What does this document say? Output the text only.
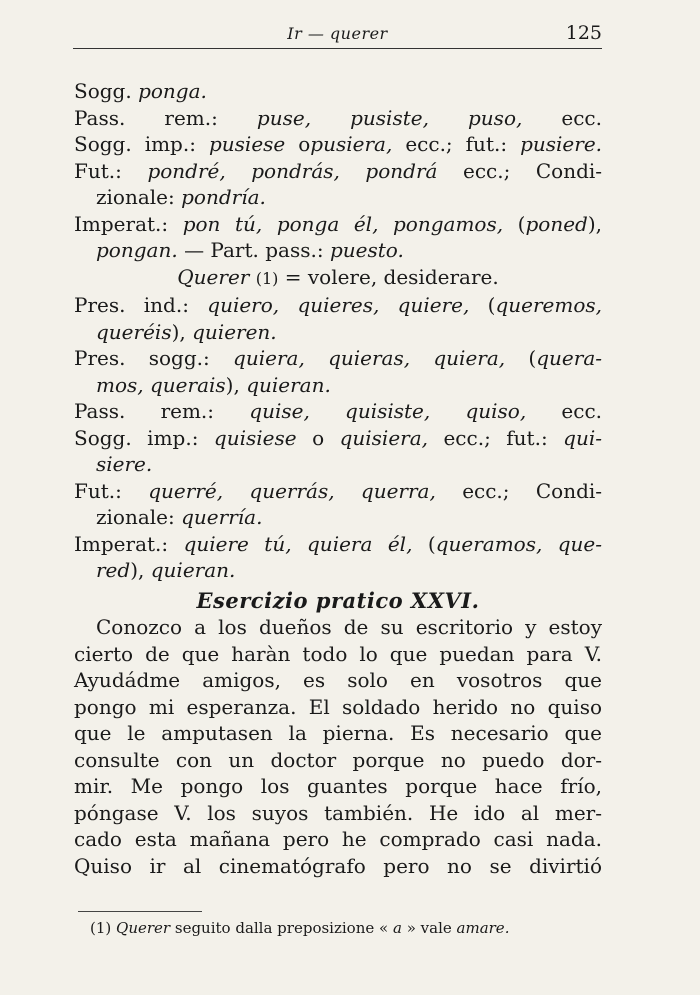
Ir — querer	125
Sogg. ponga.
Pass. rem.: puse, pusiste, puso, ecc.
Sogg. imp.: pusiese opusiera, ecc.; fut.: pusiere.
Fut.: pondré, pondrás, pondrá ecc.; Condi-
zionale: pondría.
Imperat.: pon tú, ponga él, pongamos, (poned),
pongan. — Part. pass.: puesto.
Querer (1) = volere, desiderare.
Pres. ind.: quiero, quieres, quiere, (queremos,
queréis), quieren.
Pres. sogg.: quiera, quieras, quiera, (quera-
mos, querais), quieran.
Pass. rem.: quise, quisiste, quiso, ecc.
Sogg. imp.: quisiese o quisiera, ecc.; fut.: qui-
siere.
Fut.: querré, querrás, querra, ecc.; Condi-
zionale: querría.
Imperat.: quiere tú, quiera él, (queramos, que-
red), quieran.
Esercizio pratico XXVI.
Conozco a los dueños de su escritorio y estoy
cierto de que haràn todo lo que puedan para V.
Ayudádme amigos, es solo en vosotros que
pongo mi esperanza. El soldado herido no quiso
que le amputasen la pierna. Es necesario que
consulte con un doctor porque no puedo dor-
mir. Me pongo los guantes porque hace frío,
póngase V. los suyos también. He ido al mer-
cado esta mañana pero he comprado casi nada.
Quiso ir al cinematógrafo pero no se divirtió
(1) Querer seguito dalla preposizione « a » vale amare.
